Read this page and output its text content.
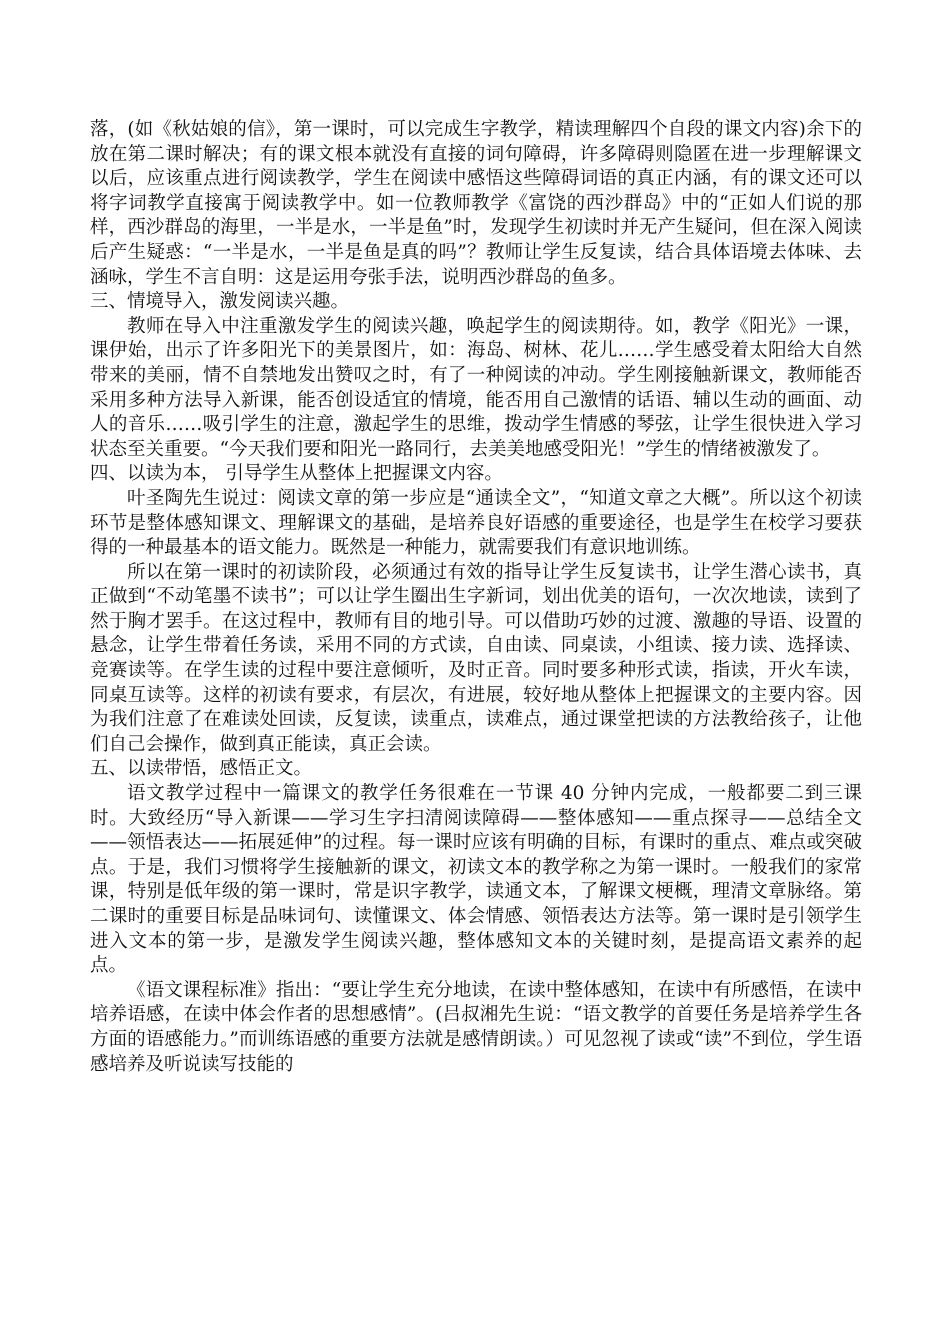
落，(如《秋姑娘的信》，第一课时，可以完成生字教学，精读理解四个自段的课文内容)余下的放在第二课时解决；有的课文根本就没有直接的词句障碍，许多障碍则隐匿在进一步理解课文以后，应该重点进行阅读教学，学生在阅读中感悟这些障碍词语的真正内涵，有的课文还可以将字词教学直接寓于阅读教学中。如一位教师教学《富饶的西沙群岛》中的“正如人们说的那样，西沙群岛的海里，一半是水，一半是鱼”时，发现学生初读时并无产生疑问，但在深入阅读后产生疑惑：“一半是水，一半是鱼是真的吗”？教师让学生反复读，结合具体语境去体味、去涵咏，学生不言自明：这是运用夸张手法，说明西沙群岛的鱼多。

三、情境导入，激发阅读兴趣。

教师在导入中注重激发学生的阅读兴趣，唤起学生的阅读期待。如，教学《阳光》一课，课伊始，出示了许多阳光下的美景图片，如：海岛、树林、花儿……学生感受着太阳给大自然带来的美丽，情不自禁地发出赞叹之时，有了一种阅读的冲动。学生刚接触新课文，教师能否采用多种方法导入新课，能否创设适宜的情境，能否用自己激情的话语、辅以生动的画面、动人的音乐……吸引学生的注意，激起学生的思维，拨动学生情感的琴弦，让学生很快进入学习状态至关重要。“今天我们要和阳光一路同行，去美美地感受阳光！”学生的情绪被激发了。

四、以读为本， 引导学生从整体上把握课文内容。

叶圣陶先生说过：阅读文章的第一步应是“通读全文”，“知道文章之大概”。所以这个初读环节是整体感知课文、理解课文的基础，是培养良好语感的重要途径，也是学生在校学习要获得的一种最基本的语文能力。既然是一种能力，就需要我们有意识地训练。

所以在第一课时的初读阶段，必须通过有效的指导让学生反复读书，让学生潜心读书，真正做到“不动笔墨不读书”；可以让学生圈出生字新词，划出优美的语句，一次次地读，读到了然于胸才罢手。在这过程中，教师有目的地引导。可以借助巧妙的过渡、激趣的导语、设置的悬念，让学生带着任务读，采用不同的方式读，自由读、同桌读，小组读、接力读、选择读、竞赛读等。在学生读的过程中要注意倾听，及时正音。同时要多种形式读，指读，开火车读，同桌互读等。这样的初读有要求，有层次，有进展，较好地从整体上把握课文的主要内容。因为我们注意了在难读处回读，反复读，读重点，读难点，通过课堂把读的方法教给孩子，让他们自己会操作，做到真正能读，真正会读。

五、以读带悟，感悟正文。

语文教学过程中一篇课文的教学任务很难在一节课 40 分钟内完成，一般都要二到三课时。大致经历“导入新课——学习生字扫清阅读障碍——整体感知——重点探寻——总结全文——领悟表达——拓展延伸”的过程。每一课时应该有明确的目标，有课时的重点、难点或突破点。于是，我们习惯将学生接触新的课文，初读文本的教学称之为第一课时。一般我们的家常课，特别是低年级的第一课时，常是识字教学，读通文本，了解课文梗概，理清文章脉络。第二课时的重要目标是品味词句、读懂课文、体会情感、领悟表达方法等。第一课时是引领学生进入文本的第一步，是激发学生阅读兴趣，整体感知文本的关键时刻，是提高语文素养的起点。

《语文课程标准》指出：“要让学生充分地读，在读中整体感知，在读中有所感悟，在读中培养语感，在读中体会作者的思想感情”。(吕叔湘先生说：“语文教学的首要任务是培养学生各方面的语感能力。”而训练语感的重要方法就是感情朗读。）可见忽视了读或“读”不到位，学生语感培养及听说读写技能的
